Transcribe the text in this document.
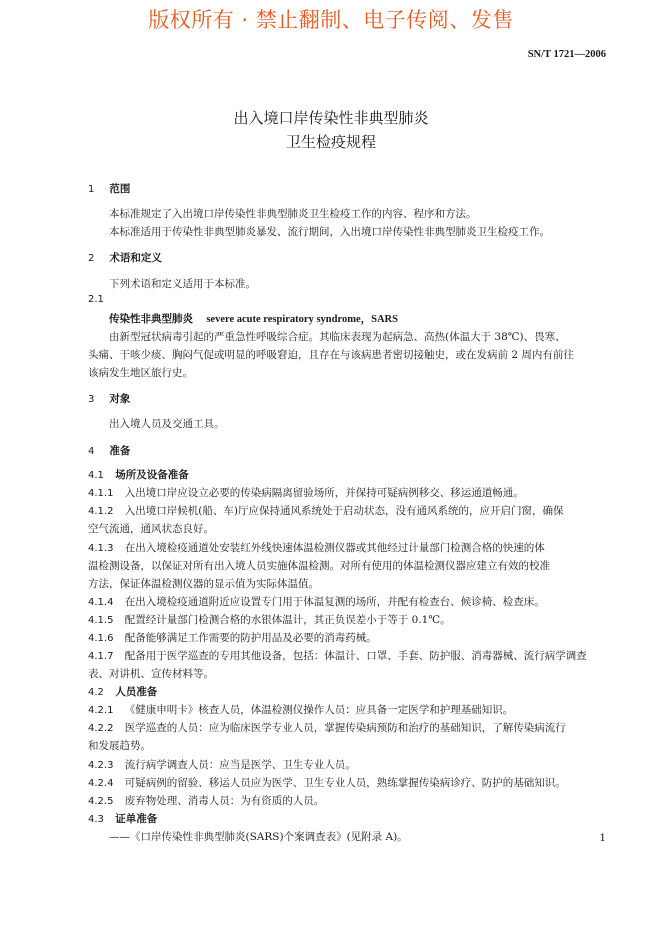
版权所有 · 禁止翻制、电子传阅、发售
SN/T 1721—2006
出入境口岸传染性非典型肺炎
卫生检疫规程
1 范围
本标准规定了入出境口岸传染性非典型肺炎卫生检疫工作的内容、程序和方法。
本标准适用于传染性非典型肺炎暴发、流行期间，入出境口岸传染性非典型肺炎卫生检疫工作。
2 术语和定义
下列术语和定义适用于本标准。
2.1
传染性非典型肺炎 severe acute respiratory syndrome，SARS
由新型冠状病毒引起的严重急性呼吸综合症。其临床表现为起病急、高热(体温大于 38℃)、畏寒、
头痛、干咳少痰、胸闷气促或明显的呼吸窘迫，且存在与该病患者密切接触史，或在发病前 2 周内有前往
该病发生地区旅行史。
3 对象
出入境人员及交通工具。
4 准备
4.1 场所及设备准备
4.1.1 入出境口岸应设立必要的传染病隔离留验场所，并保持可疑病例移交、移运通道畅通。
4.1.2 入出境口岸候机(船、车)厅应保持通风系统处于启动状态，没有通风系统的，应开启门窗，确保
空气流通，通风状态良好。
4.1.3 在出入境检疫通道处安装红外线快速体温检测仪器或其他经过计量部门检测合格的快速的体
温检测设备，以保证对所有出入境人员实施体温检测。对所有使用的体温检测仪器应建立有效的校准
方法，保证体温检测仪器的显示值为实际体温值。
4.1.4 在出入境检疫通道附近应设置专门用于体温复测的场所，并配有检查台、候诊椅、检查床。
4.1.5 配置经计量部门检测合格的水银体温计，其正负误差小于等于 0.1℃。
4.1.6 配备能够满足工作需要的防护用品及必要的消毒药械。
4.1.7 配备用于医学巡查的专用其他设备，包括：体温计、口罩、手套、防护服、消毒器械、流行病学调查
表、对讲机、宣传材料等。
4.2 人员准备
4.2.1 《健康申明卡》核查人员，体温检测仪操作人员：应具备一定医学和护理基础知识。
4.2.2 医学巡查的人员：应为临床医学专业人员，掌握传染病预防和治疗的基础知识，了解传染病流行
和发展趋势。
4.2.3 流行病学调查人员：应当是医学、卫生专业人员。
4.2.4 可疑病例的留验、移运人员应为医学、卫生专业人员，熟练掌握传染病诊疗、防护的基础知识。
4.2.5 废弃物处理、消毒人员：为有资质的人员。
4.3 证单准备
——《口岸传染性非典型肺炎(SARS)个案调查表》(见附录 A)。	1
